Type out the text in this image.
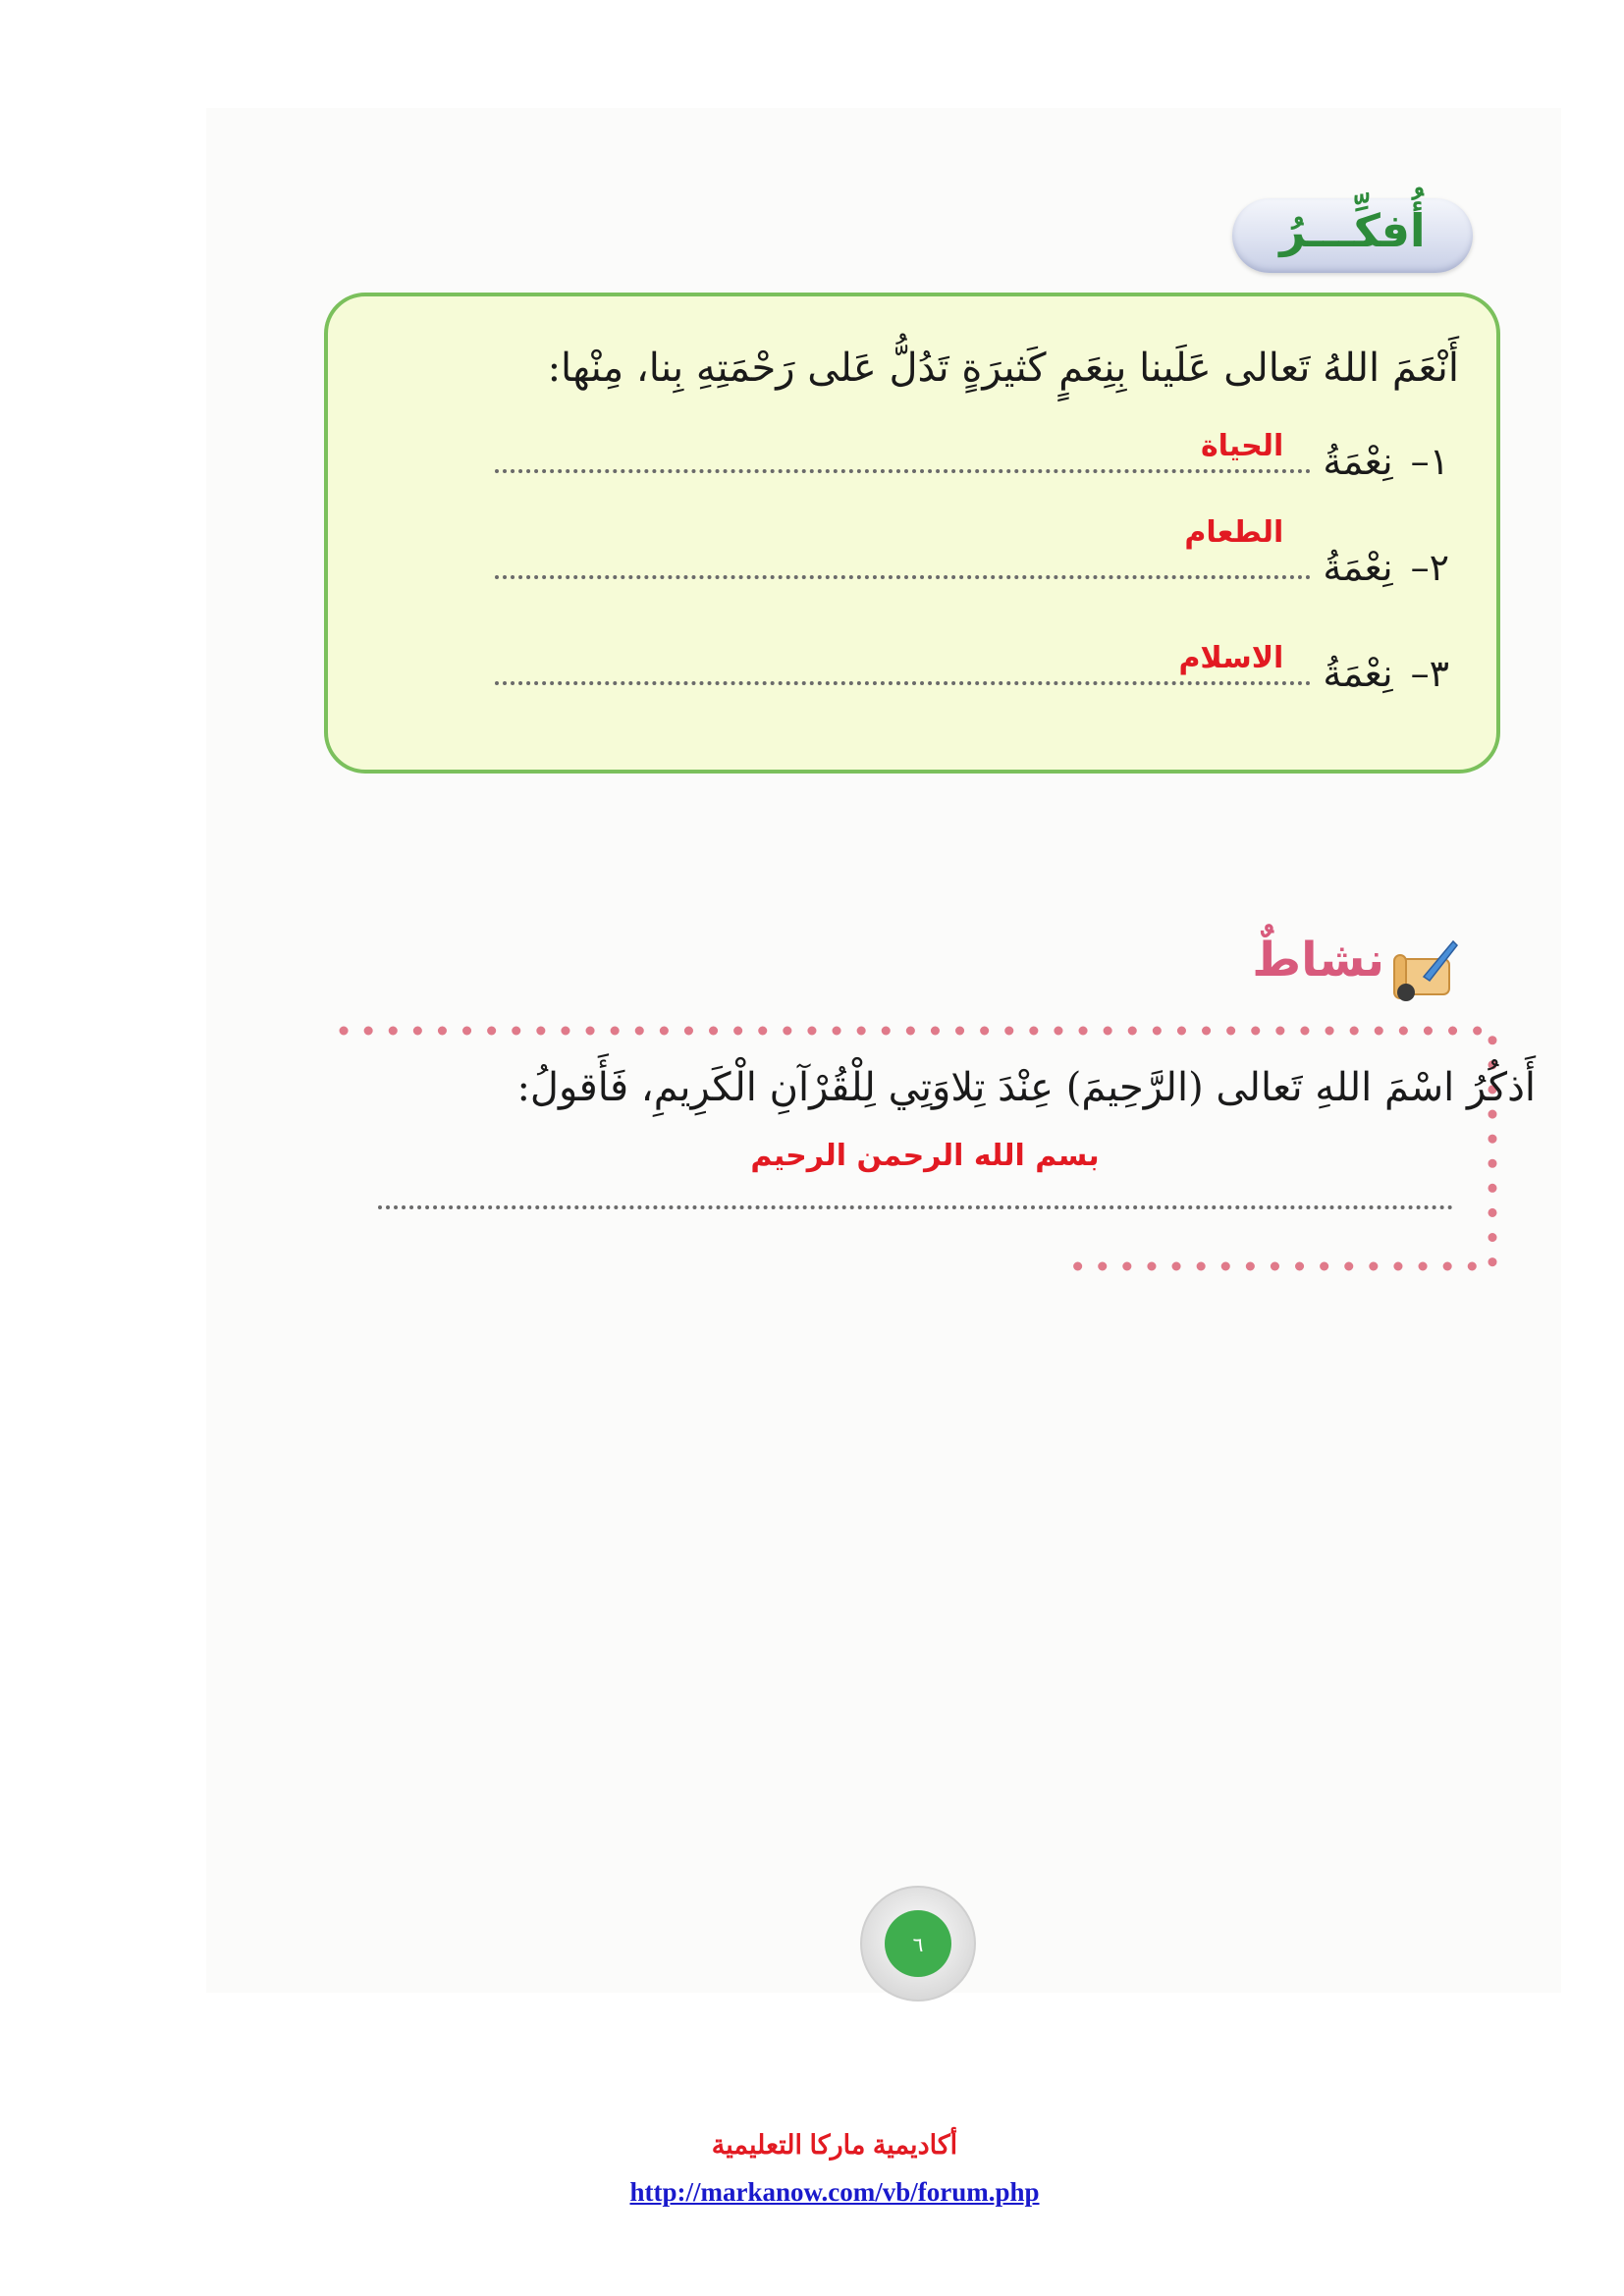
أُفكِّـــرُ
أَنْعَمَ اللهُ تَعالى عَلَينا بِنِعَمٍ كَثيرَةٍ تَدُلُّ عَلى رَحْمَتِهِ بِنا، مِنْها:
١–
نِعْمَةُ
الحياة
٢–
نِعْمَةُ
الطعام
٣–
نِعْمَةُ
الاسلام
نشاطٌ
أَذكُرُ اسْمَ اللهِ تَعالى (الرَّحِيمَ) عِنْدَ تِلاوَتِي لِلْقُرْآنِ الْكَرِيمِ، فَأَقولُ:
بسم الله الرحمن الرحيم
٦
أكاديمية ماركا التعليمية
http://markanow.com/vb/forum.php
